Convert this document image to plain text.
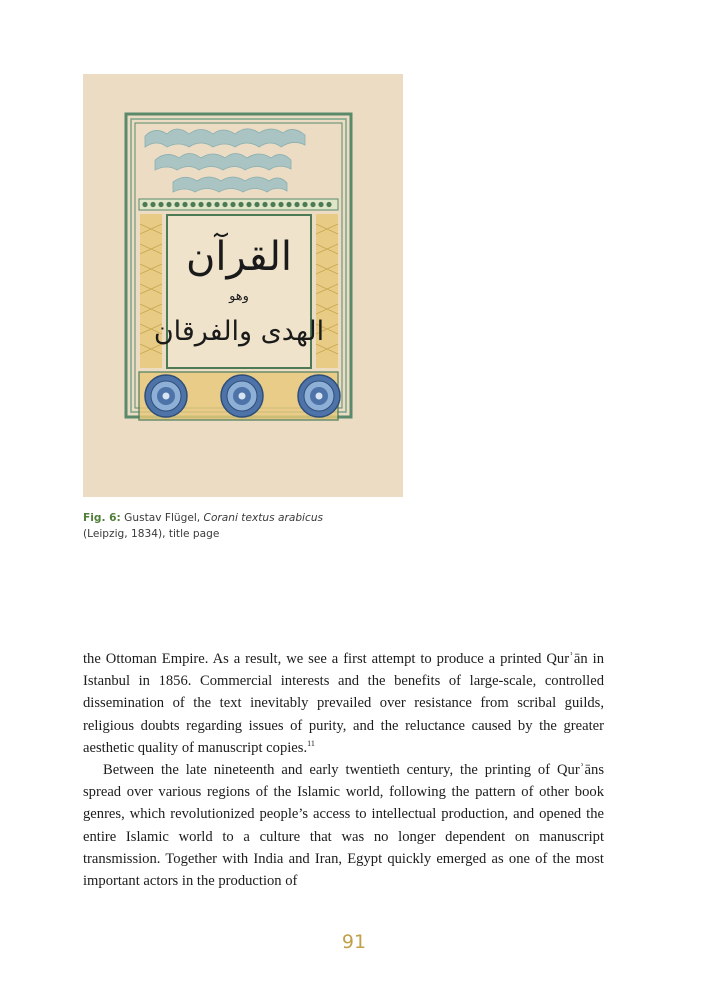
القرآن
وهو
الهدى والفرقان
Fig. 6: Gustav Flügel, Corani textus arabicus
(Leipzig, 1834), title page

the Ottoman Empire. As a result, we see a first attempt to produce a printed Qurʾān in Istanbul in 1856. Commercial interests and the benefits of large-scale, controlled dissemination of the text inevitably prevailed over resistance from scribal guilds, religious doubts regarding issues of purity, and the reluctance caused by the greater aesthetic quality of manuscript copies.$^{11}$

Between the late nineteenth and early twentieth century, the printing of Qurʾāns spread over various regions of the Islamic world, following the pattern of other book genres, which revolutionized people’s access to intellectual production, and opened the entire Islamic world to a culture that was no longer dependent on manuscript transmission. Together with India and Iran, Egypt quickly emerged as one of the most important actors in the production of

91
